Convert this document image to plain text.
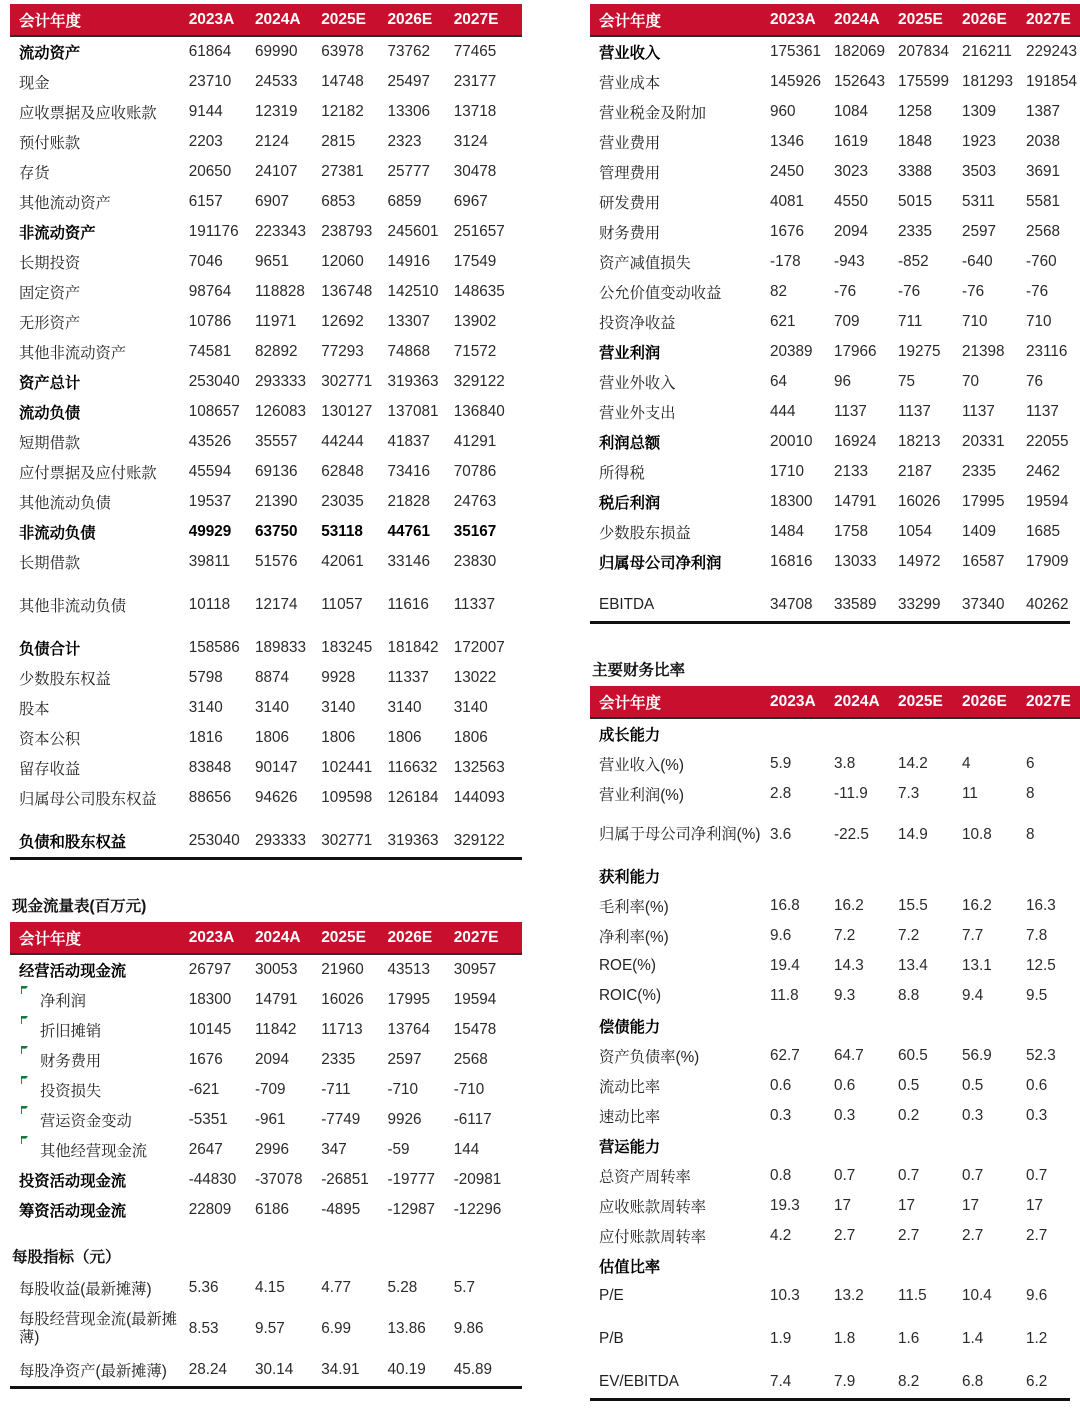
会计年度	2023A	2024A	2025E	2026E	2027E
流动资产	61864	69990	63978	73762	77465
现金	23710	24533	14748	25497	23177
应收票据及应收账款	9144	12319	12182	13306	13718
预付账款	2203	2124	2815	2323	3124
存货	20650	24107	27381	25777	30478
其他流动资产	6157	6907	6853	6859	6967
非流动资产	191176	223343	238793	245601	251657
长期投资	7046	9651	12060	14916	17549
固定资产	98764	118828	136748	142510	148635
无形资产	10786	11971	12692	13307	13902
其他非流动资产	74581	82892	77293	74868	71572
资产总计	253040	293333	302771	319363	329122
流动负债	108657	126083	130127	137081	136840
短期借款	43526	35557	44244	41837	41291
应付票据及应付账款	45594	69136	62848	73416	70786
其他流动负债	19537	21390	23035	21828	24763
非流动负债	49929	63750	53118	44761	35167
长期借款	39811	51576	42061	33146	23830

其他非流动负债	10118	12174	11057	11616	11337

负债合计	158586	189833	183245	181842	172007
少数股东权益	5798	8874	9928	11337	13022
股本	3140	3140	3140	3140	3140
资本公积	1816	1806	1806	1806	1806
留存收益	83848	90147	102441	116632	132563
归属母公司股东权益	88656	94626	109598	126184	144093

负债和股东权益	253040	293333	302771	319363	329122
现金流量表(百万元)
会计年度	2023A	2024A	2025E	2026E	2027E
经营活动现金流	26797	30053	21960	43513	30957

净利润	18300	14791	16026	17995	19594

折旧摊销	10145	11842	11713	13764	15478

财务费用	1676	2094	2335	2597	2568

投资损失	-621	-709	-711	-710	-710

营运资金变动	-5351	-961	-7749	9926	-6117

其他经营现金流	2647	2996	347	-59	144
投资活动现金流	-44830	-37078	-26851	-19777	-20981
筹资活动现金流	22809	6186	-4895	-12987	-12296
每股指标（元）
每股收益(最新摊薄)	5.36	4.15	4.77	5.28	5.7
每股经营现金流(最新摊薄)	8.53	9.57	6.99	13.86	9.86
每股净资产(最新摊薄)	28.24	30.14	34.91	40.19	45.89
会计年度	2023A	2024A	2025E	2026E	2027E
营业收入	175361	182069	207834	216211	229243
营业成本	145926	152643	175599	181293	191854
营业税金及附加	960	1084	1258	1309	1387
营业费用	1346	1619	1848	1923	2038
管理费用	2450	3023	3388	3503	3691
研发费用	4081	4550	5015	5311	5581
财务费用	1676	2094	2335	2597	2568
资产减值损失	-178	-943	-852	-640	-760
公允价值变动收益	82	-76	-76	-76	-76
投资净收益	621	709	711	710	710
营业利润	20389	17966	19275	21398	23116
营业外收入	64	96	75	70	76
营业外支出	444	1137	1137	1137	1137
利润总额	20010	16924	18213	20331	22055
所得税	1710	2133	2187	2335	2462
税后利润	18300	14791	16026	17995	19594
少数股东损益	1484	1758	1054	1409	1685
归属母公司净利润	16816	13033	14972	16587	17909

EBITDA	34708	33589	33299	37340	40262
主要财务比率
会计年度	2023A	2024A	2025E	2026E	2027E
成长能力					
营业收入(%)	5.9	3.8	14.2	4	6
营业利润(%)	2.8	-11.9	7.3	11	8
归属于母公司净利润(%)	3.6	-22.5	14.9	10.8	8
获利能力					
毛利率(%)	16.8	16.2	15.5	16.2	16.3
净利率(%)	9.6	7.2	7.2	7.7	7.8
ROE(%)	19.4	14.3	13.4	13.1	12.5
ROIC(%)	11.8	9.3	8.8	9.4	9.5
偿债能力					
资产负债率(%)	62.7	64.7	60.5	56.9	52.3
流动比率	0.6	0.6	0.5	0.5	0.6
速动比率	0.3	0.3	0.2	0.3	0.3
营运能力					
总资产周转率	0.8	0.7	0.7	0.7	0.7
应收账款周转率	19.3	17	17	17	17
应付账款周转率	4.2	2.7	2.7	2.7	2.7
估值比率					
P/E	10.3	13.2	11.5	10.4	9.6

P/B	1.9	1.8	1.6	1.4	1.2

EV/EBITDA	7.4	7.9	8.2	6.8	6.2
